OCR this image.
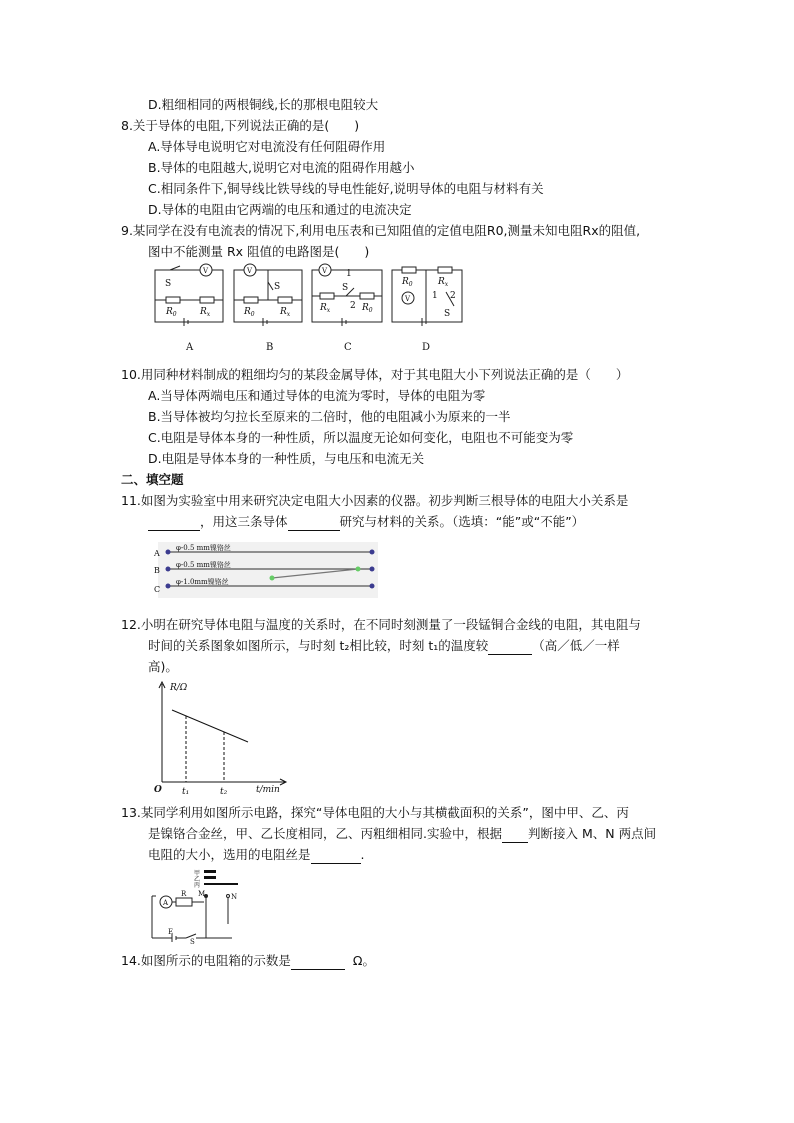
D.粗细相同的两根铜线,长的那根电阻较大
8.关于导体的电阻,下列说法正确的是(　　)
A.导体导电说明它对电流没有任何阻碍作用
B.导体的电阻越大,说明它对电流的阻碍作用越小
C.相同条件下,铜导线比铁导线的导电性能好,说明导体的电阻与材料有关
D.导体的电阻由它两端的电压和通过的电流决定
9.某同学在没有电流表的情况下,利用电压表和已知阻值的定值电阻R0,测量未知电阻Rx的阻值,
图中不能测量 Rx 阻值的电路图是(　　)
S
V
$R_0$	$R_x$
V
S
$R_0$	$R_x$
V 1
S
2
$R_x$	$R_0$
$R_0$	$R_x$
V 1 2
S
A	B	C	D
10.用同种材料制成的粗细均匀的某段金属导体，对于其电阻大小下列说法正确的是（　　）
A.当导体两端电压和通过导体的电流为零时，导体的电阻为零
B.当导体被均匀拉长至原来的二倍时，他的电阻减小为原来的一半
C.电阻是导体本身的一种性质，所以温度无论如何变化，电阻也不可能变为零
D.电阻是导体本身的一种性质，与电压和电流无关
二、填空题
11.如图为实验室中用来研究决定电阻大小因素的仪器。初步判断三根导体的电阻大小关系是
，用这三条导体	研究与材料的关系。（选填：“能”或“不能”）
A
B
C
φ-0.5 mm镍铬丝
φ-0.5 mm镍铬丝
φ-1.0mm镍铬丝
12.小明在研究导体电阻与温度的关系时，在不同时刻测量了一段锰铜合金线的电阻，其电阻与
时间的关系图象如图所示，与时刻 t₂相比较，时刻 t₁的温度较	（高／低／一样
高)。
R/Ω
t/min
O t₁	t₂
13.某同学利用如图所示电路，探究“导体电阻的大小与其横截面积的关系”，图中甲、乙、丙
是镍铬合金丝，甲、乙长度相同，乙、丙粗细相同.实验中，根据 判断接入 M、N 两点间
电阻的大小，选用的电阻丝是	.
甲
乙
丙
A
R M	N
E
S
14.如图所示的电阻箱的示数是	Ω。
